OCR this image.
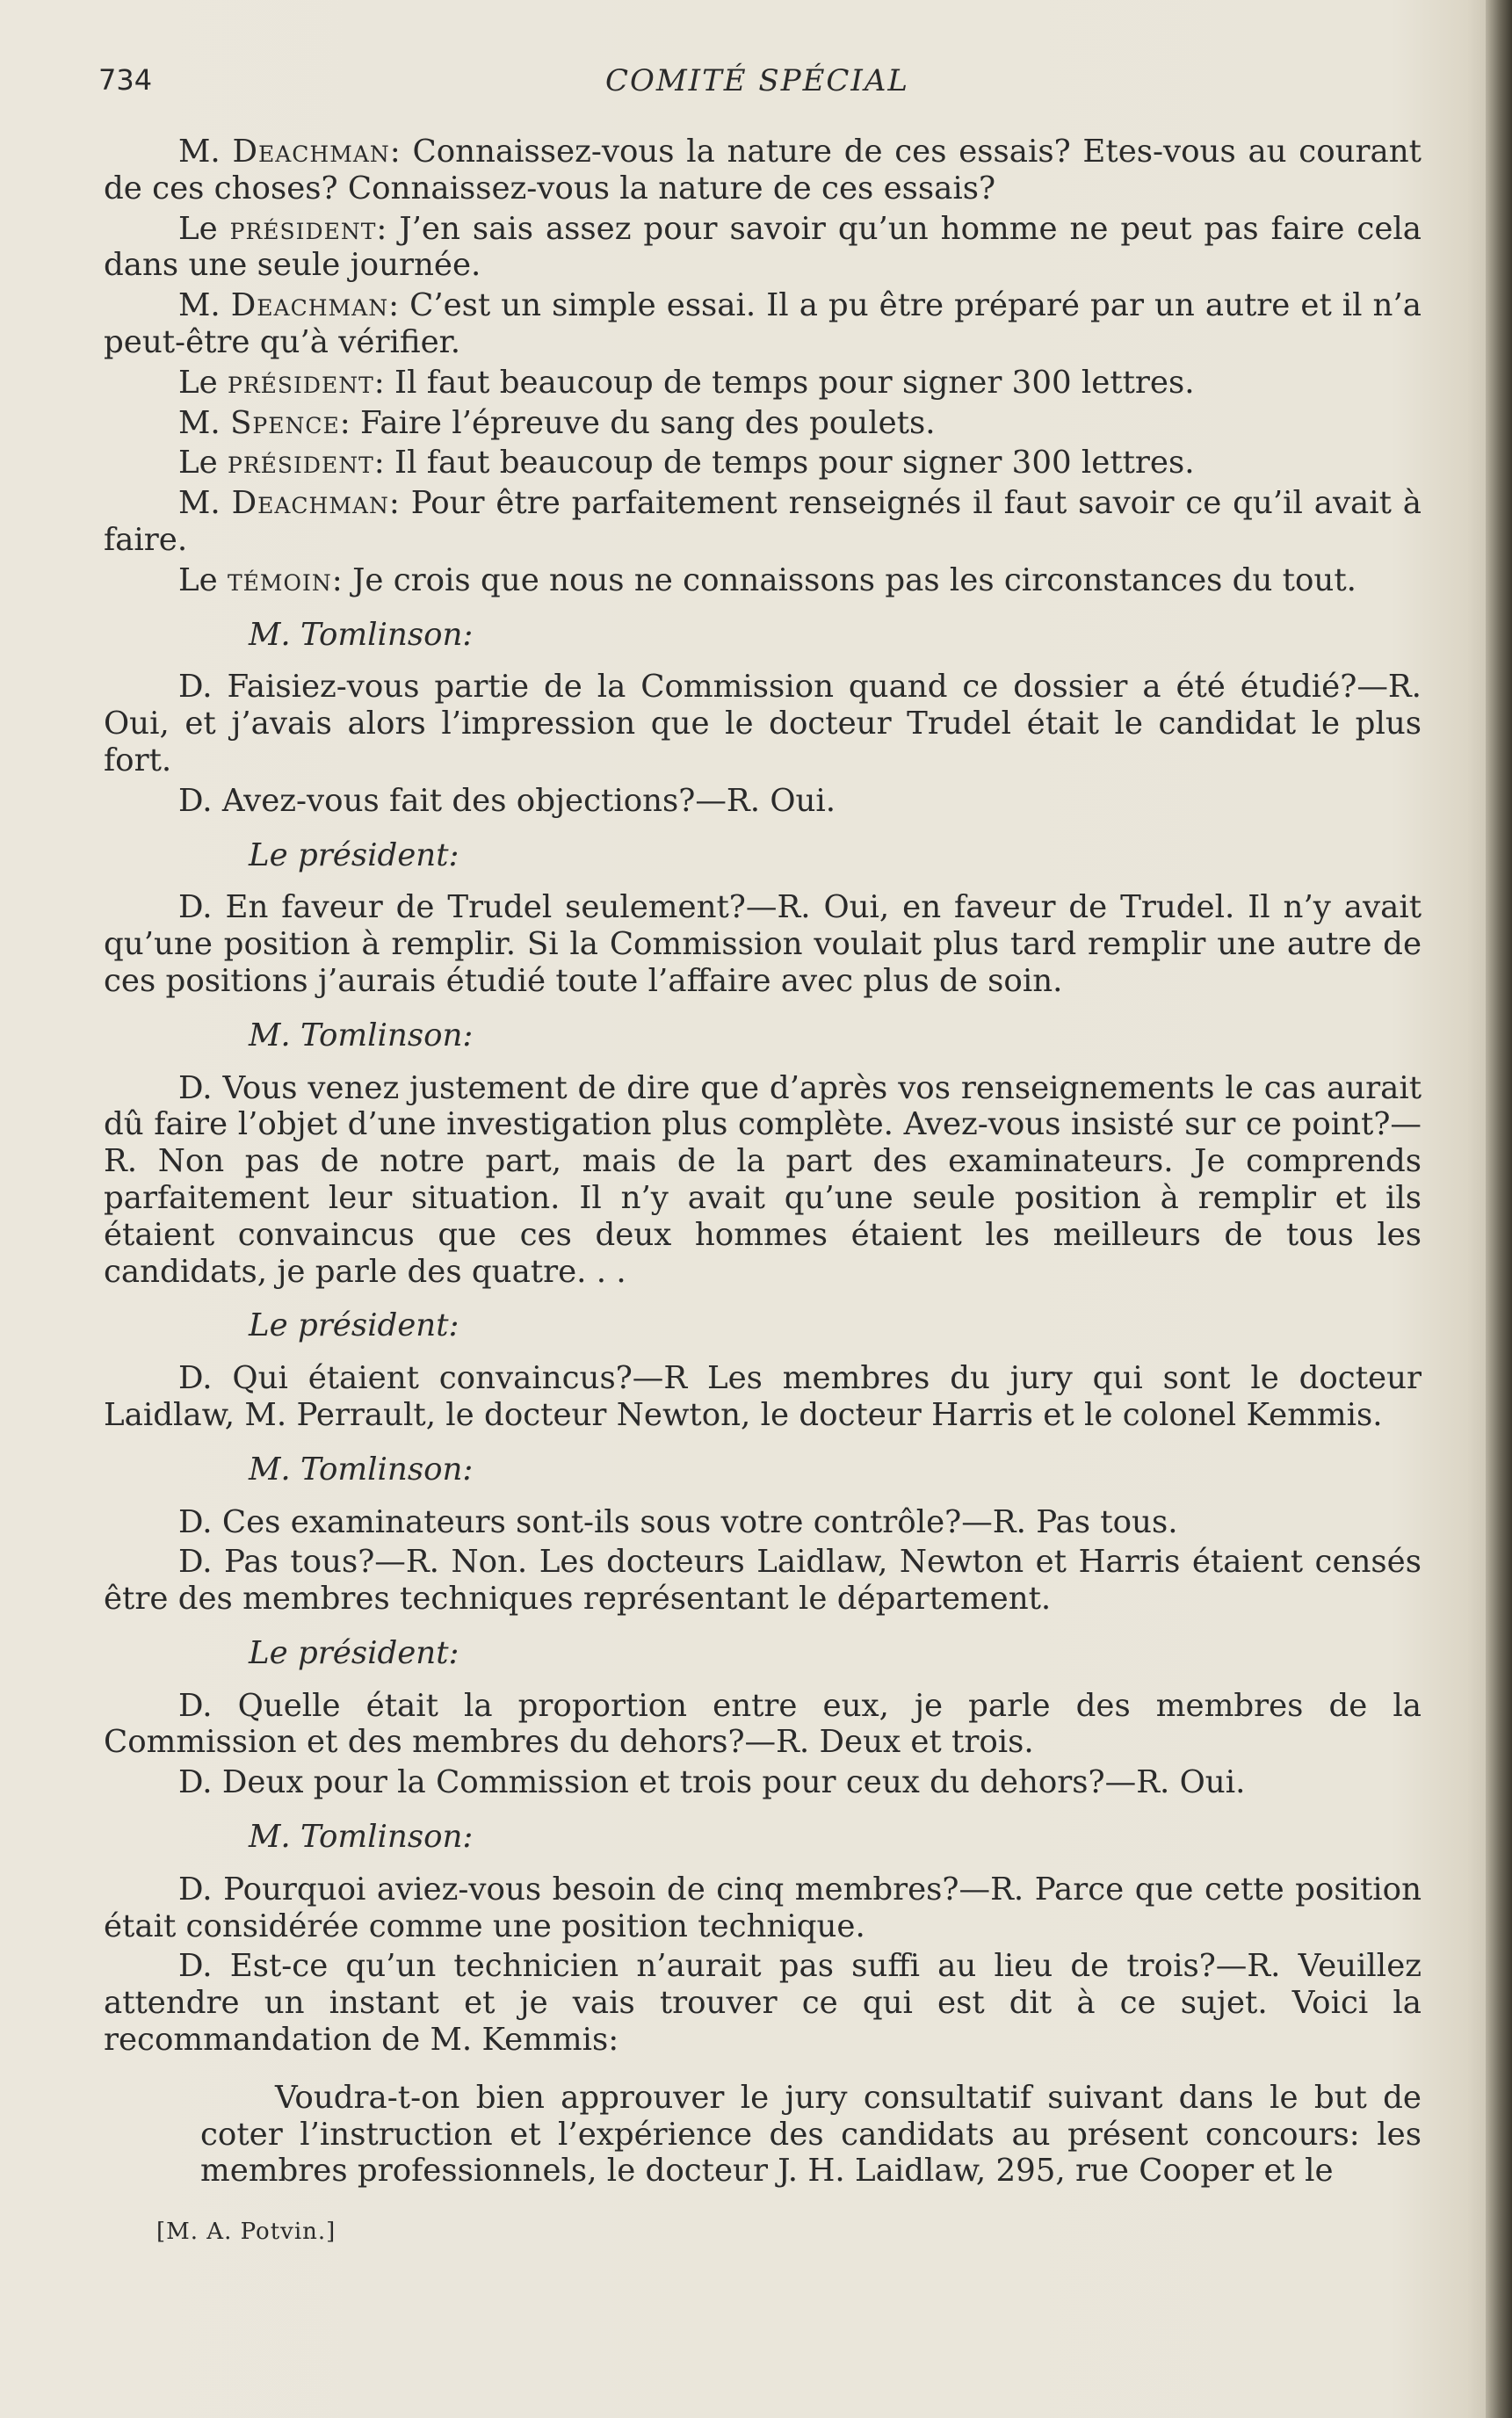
734	COMITÉ SPÉCIAL

M. Deachman: Connaissez-vous la nature de ces essais? Etes-vous au courant de ces choses? Connaissez-vous la nature de ces essais?

Le président: J’en sais assez pour savoir qu’un homme ne peut pas faire cela dans une seule journée.

M. Deachman: C’est un simple essai. Il a pu être préparé par un autre et il n’a peut-être qu’à vérifier.

Le président: Il faut beaucoup de temps pour signer 300 lettres.

M. Spence: Faire l’épreuve du sang des poulets.

Le président: Il faut beaucoup de temps pour signer 300 lettres.

M. Deachman: Pour être parfaitement renseignés il faut savoir ce qu’il avait à faire.

Le témoin: Je crois que nous ne connaissons pas les circonstances du tout.

M. Tomlinson:

D. Faisiez-vous partie de la Commission quand ce dossier a été étudié?—R. Oui, et j’avais alors l’impression que le docteur Trudel était le candidat le plus fort.

D. Avez-vous fait des objections?—R. Oui.

Le président:

D. En faveur de Trudel seulement?—R. Oui, en faveur de Trudel. Il n’y avait qu’une position à remplir. Si la Commission voulait plus tard remplir une autre de ces positions j’aurais étudié toute l’affaire avec plus de soin.

M. Tomlinson:

D. Vous venez justement de dire que d’après vos renseignements le cas aurait dû faire l’objet d’une investigation plus complète. Avez-vous insisté sur ce point?—R. Non pas de notre part, mais de la part des examinateurs. Je comprends parfaitement leur situation. Il n’y avait qu’une seule position à remplir et ils étaient convaincus que ces deux hommes étaient les meilleurs de tous les candidats, je parle des quatre. . .

Le président:

D. Qui étaient convaincus?—R Les membres du jury qui sont le docteur Laidlaw, M. Perrault, le docteur Newton, le docteur Harris et le colonel Kemmis.

M. Tomlinson:

D. Ces examinateurs sont-ils sous votre contrôle?—R. Pas tous.

D. Pas tous?—R. Non. Les docteurs Laidlaw, Newton et Harris étaient censés être des membres techniques représentant le département.

Le président:

D. Quelle était la proportion entre eux, je parle des membres de la Commission et des membres du dehors?—R. Deux et trois.

D. Deux pour la Commission et trois pour ceux du dehors?—R. Oui.

M. Tomlinson:

D. Pourquoi aviez-vous besoin de cinq membres?—R. Parce que cette position était considérée comme une position technique.

D. Est-ce qu’un technicien n’aurait pas suffi au lieu de trois?—R. Veuillez attendre un instant et je vais trouver ce qui est dit à ce sujet. Voici la recommandation de M. Kemmis:

Voudra-t-on bien approuver le jury consultatif suivant dans le but de coter l’instruction et l’expérience des candidats au présent concours: les membres professionnels, le docteur J. H. Laidlaw, 295, rue Cooper et le

[M. A. Potvin.]
